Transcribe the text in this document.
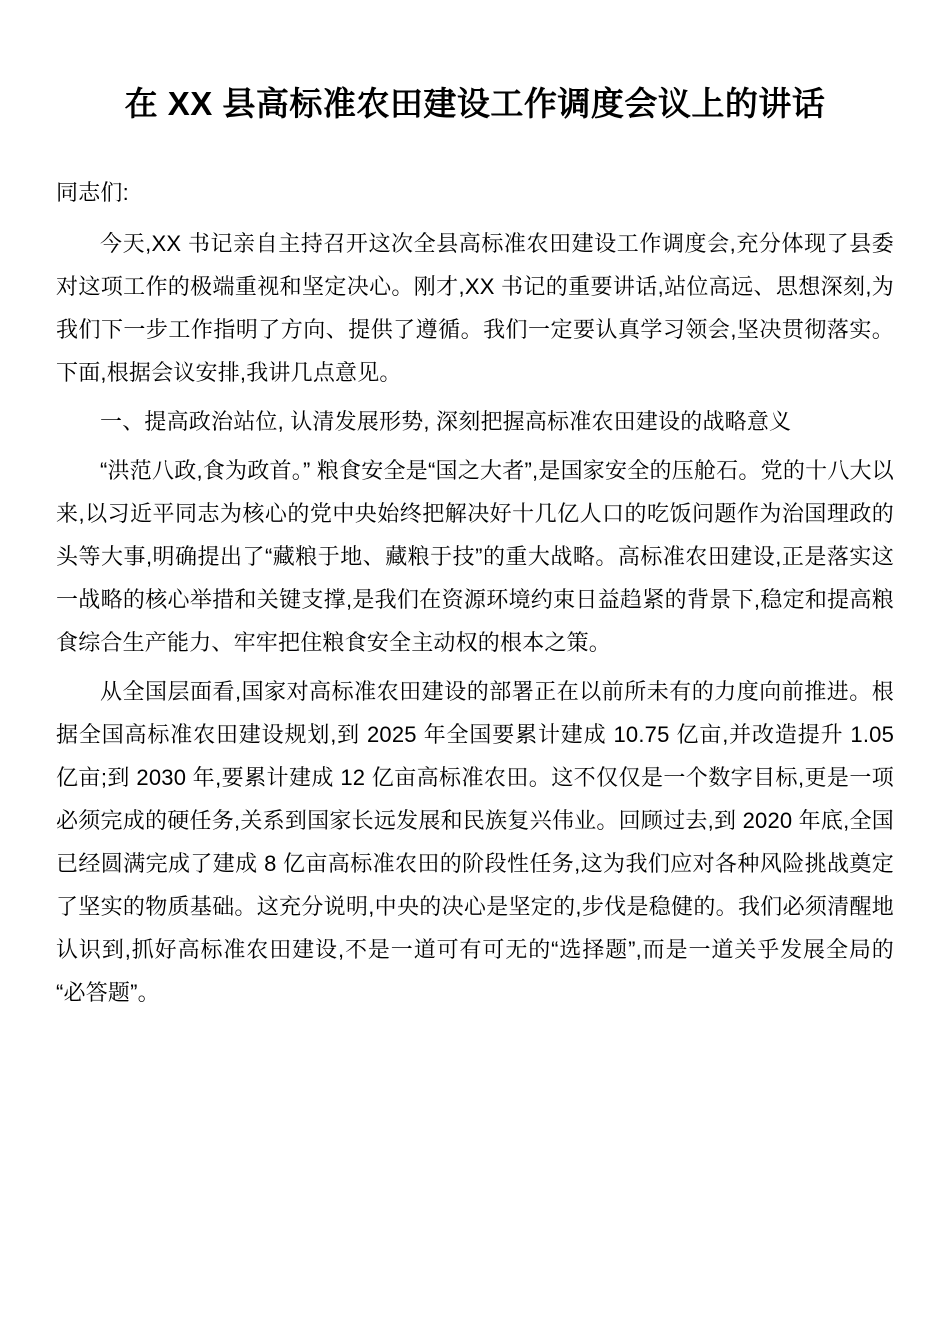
在 XX 县高标准农田建设工作调度会议上的讲话

同志们:

今天,XX 书记亲自主持召开这次全县高标准农田建设工作调度会,充分体现了县委对这项工作的极端重视和坚定决心。刚才,XX 书记的重要讲话,站位高远、思想深刻,为我们下一步工作指明了方向、提供了遵循。我们一定要认真学习领会,坚决贯彻落实。下面,根据会议安排,我讲几点意见。

一、提高政治站位, 认清发展形势, 深刻把握高标准农田建设的战略意义

“洪范八政,食为政首。” 粮食安全是“国之大者”,是国家安全的压舱石。党的十八大以来,以习近平同志为核心的党中央始终把解决好十几亿人口的吃饭问题作为治国理政的头等大事,明确提出了“藏粮于地、藏粮于技”的重大战略。高标准农田建设,正是落实这一战略的核心举措和关键支撑,是我们在资源环境约束日益趋紧的背景下,稳定和提高粮食综合生产能力、牢牢把住粮食安全主动权的根本之策。

从全国层面看,国家对高标准农田建设的部署正在以前所未有的力度向前推进。根据全国高标准农田建设规划,到 2025 年全国要累计建成 10.75 亿亩,并改造提升 1.05 亿亩;到 2030 年,要累计建成 12 亿亩高标准农田。这不仅仅是一个数字目标,更是一项必须完成的硬任务,关系到国家长远发展和民族复兴伟业。回顾过去,到 2020 年底,全国已经圆满完成了建成 8 亿亩高标准农田的阶段性任务,这为我们应对各种风险挑战奠定了坚实的物质基础。这充分说明,中央的决心是坚定的,步伐是稳健的。我们必须清醒地认识到,抓好高标准农田建设,不是一道可有可无的“选择题”,而是一道关乎发展全局的“必答题”。
